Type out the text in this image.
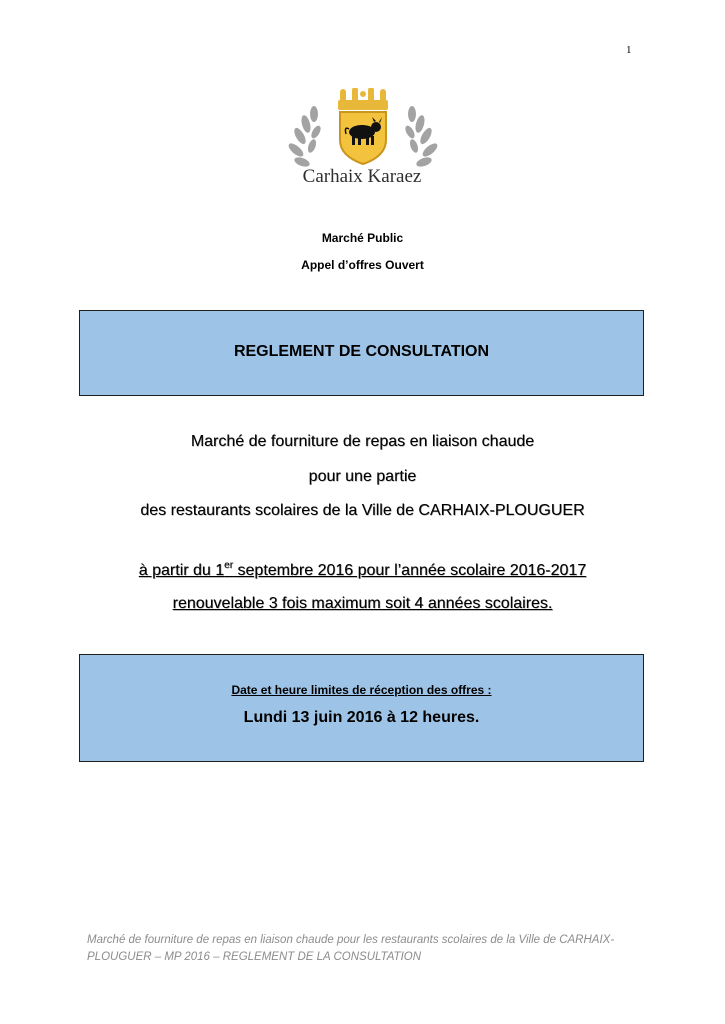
1
Carhaix Karaez
Marché Public
Appel d’offres Ouvert
REGLEMENT DE CONSULTATION
Marché de fourniture de repas en liaison chaude
pour une partie
des restaurants scolaires de la Ville de CARHAIX-PLOUGUER
à partir du 1er septembre 2016 pour l’année scolaire 2016-2017
renouvelable 3 fois maximum soit 4 années scolaires.
Date et heure limites de réception des offres :
Lundi 13 juin 2016 à 12 heures.
Marché de fourniture de repas en liaison chaude pour les restaurants scolaires de la Ville de CARHAIX-
PLOUGUER – MP 2016 – REGLEMENT DE LA CONSULTATION
